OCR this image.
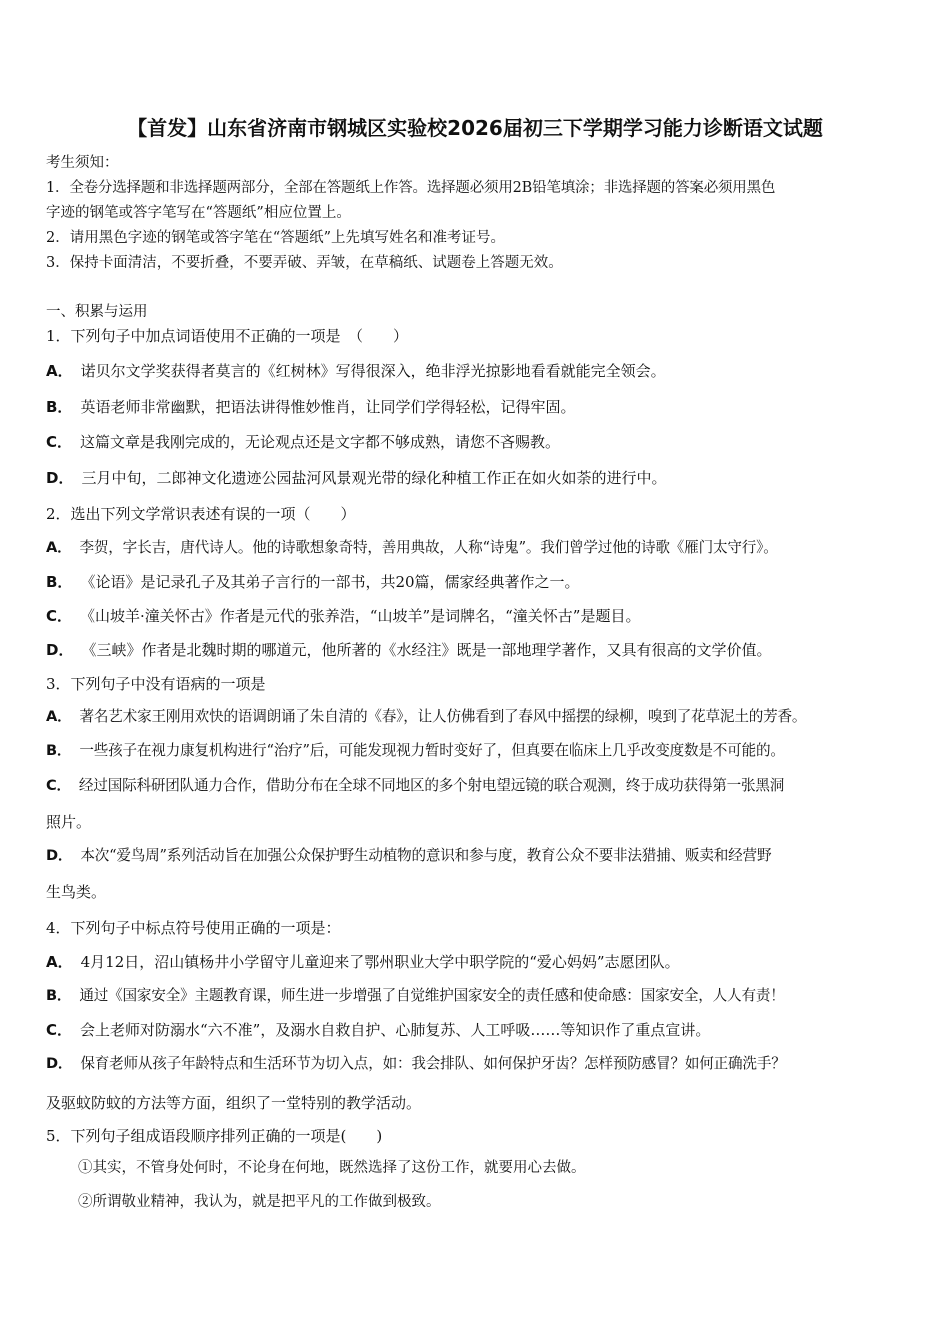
【首发】山东省济南市钢城区实验校2026届初三下学期学习能力诊断语文试题
考生须知：
1．全卷分选择题和非选择题两部分，全部在答题纸上作答。选择题必须用2B铅笔填涂；非选择题的答案必须用黑色
字迹的钢笔或答字笔写在“答题纸”相应位置上。
2．请用黑色字迹的钢笔或答字笔在“答题纸”上先填写姓名和准考证号。
3．保持卡面清洁，不要折叠，不要弄破、弄皱，在草稿纸、试题卷上答题无效。
一、积累与运用
1．下列句子中加点词语使用不正确的一项是　（　　）
A． 诺贝尔文学奖获得者莫言的《红树林》写得很深入，绝非浮光掠影地看看就能完全领会。
B． 英语老师非常幽默，把语法讲得惟妙惟肖，让同学们学得轻松，记得牢固。
C． 这篇文章是我刚完成的，无论观点还是文字都不够成熟，请您不吝赐教。
D． 三月中旬，二郎神文化遗迹公园盐河风景观光带的绿化种植工作正在如火如荼的进行中。
2．选出下列文学常识表述有误的一项（　　）
A． 李贺，字长吉，唐代诗人。他的诗歌想象奇特，善用典故，人称“诗鬼”。我们曾学过他的诗歌《雁门太守行》。
B． 《论语》是记录孔子及其弟子言行的一部书，共20篇，儒家经典著作之一。
C． 《山坡羊·潼关怀古》作者是元代的张养浩，“山坡羊”是词牌名，“潼关怀古”是题目。
D． 《三峡》作者是北魏时期的哪道元，他所著的《水经注》既是一部地理学著作，又具有很高的文学价值。
3．下列句子中没有语病的一项是
A． 著名艺术家王刚用欢快的语调朗诵了朱自清的《春》，让人仿佛看到了春风中摇摆的绿柳，嗅到了花草泥土的芳香。
B． 一些孩子在视力康复机构进行“治疗”后，可能发现视力暂时变好了，但真要在临床上几乎改变度数是不可能的。
C． 经过国际科研团队通力合作，借助分布在全球不同地区的多个射电望远镜的联合观测，终于成功获得第一张黑洞
照片。
D． 本次“爱鸟周”系列活动旨在加强公众保护野生动植物的意识和参与度，教育公众不要非法猎捕、贩卖和经营野
生鸟类。
4．下列句子中标点符号使用正确的一项是：
A． 4月12日，沼山镇杨井小学留守儿童迎来了鄂州职业大学中职学院的“爱心妈妈”志愿团队。
B． 通过《国家安全》主题教育课，师生进一步增强了自觉维护国家安全的责任感和使命感：国家安全，人人有责！
C． 会上老师对防溺水“六不准”，及溺水自救自护、心肺复苏、人工呼吸……等知识作了重点宣讲。
D． 保育老师从孩子年龄特点和生活环节为切入点，如：我会排队、如何保护牙齿？怎样预防感冒？如何正确洗手？
及驱蚊防蚊的方法等方面，组织了一堂特别的教学活动。
5．下列句子组成语段顺序排列正确的一项是(　　)
①其实，不管身处何时，不论身在何地，既然选择了这份工作，就要用心去做。
②所谓敬业精神，我认为，就是把平凡的工作做到极致。
